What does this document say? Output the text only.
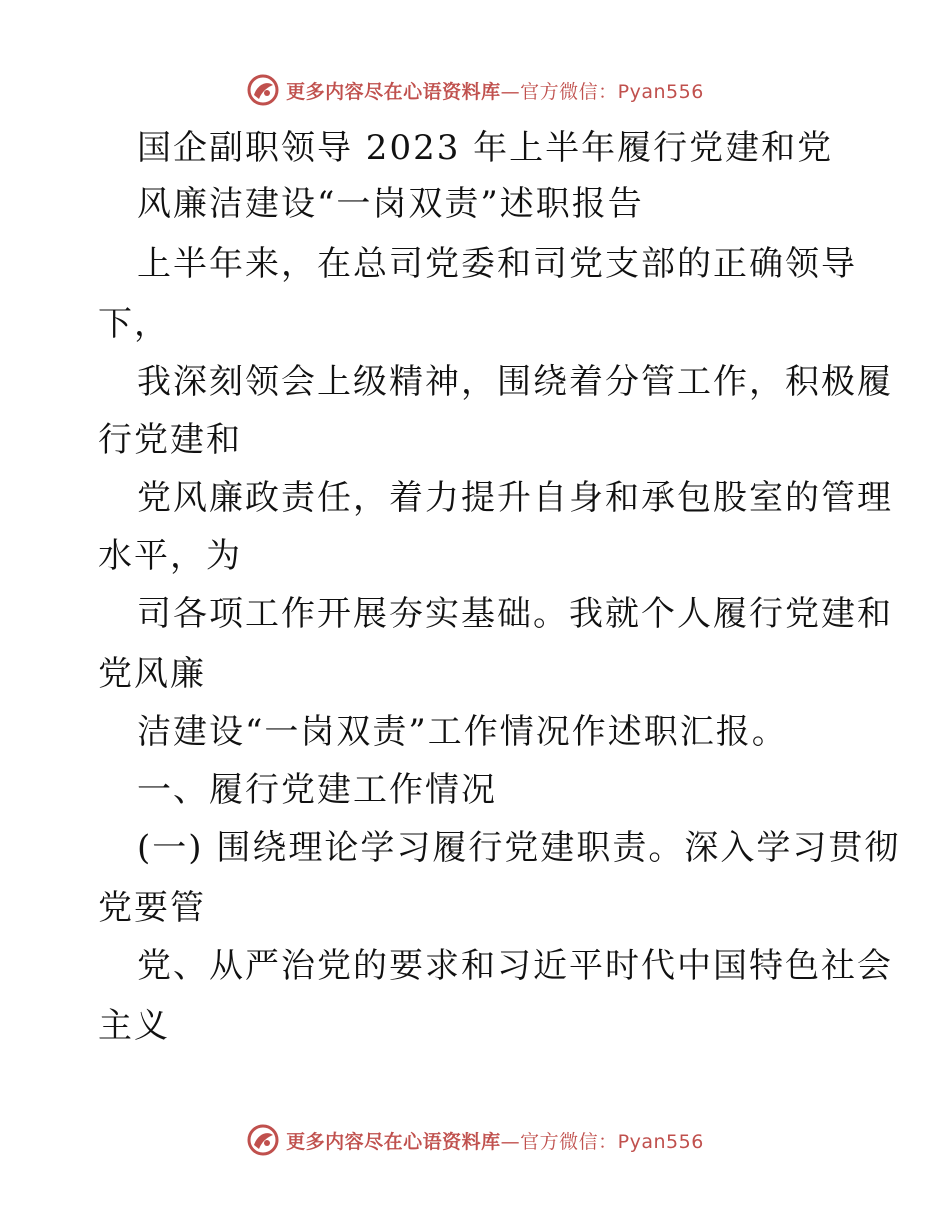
更多内容尽在心语资料库—官方微信：Pyan556
国企副职领导 2023 年上半年履行党建和党
风廉洁建设“一岗双责”述职报告
上半年来，在总司党委和司党支部的正确领导
下，
我深刻领会上级精神，围绕着分管工作，积极履
行党建和
党风廉政责任，着力提升自身和承包股室的管理
水平，为
司各项工作开展夯实基础。我就个人履行党建和
党风廉
洁建设“一岗双责”工作情况作述职汇报。
一、履行党建工作情况
(一) 围绕理论学习履行党建职责。深入学习贯彻
党要管
党、从严治党的要求和习近平时代中国特色社会
主义
更多内容尽在心语资料库—官方微信：Pyan556
